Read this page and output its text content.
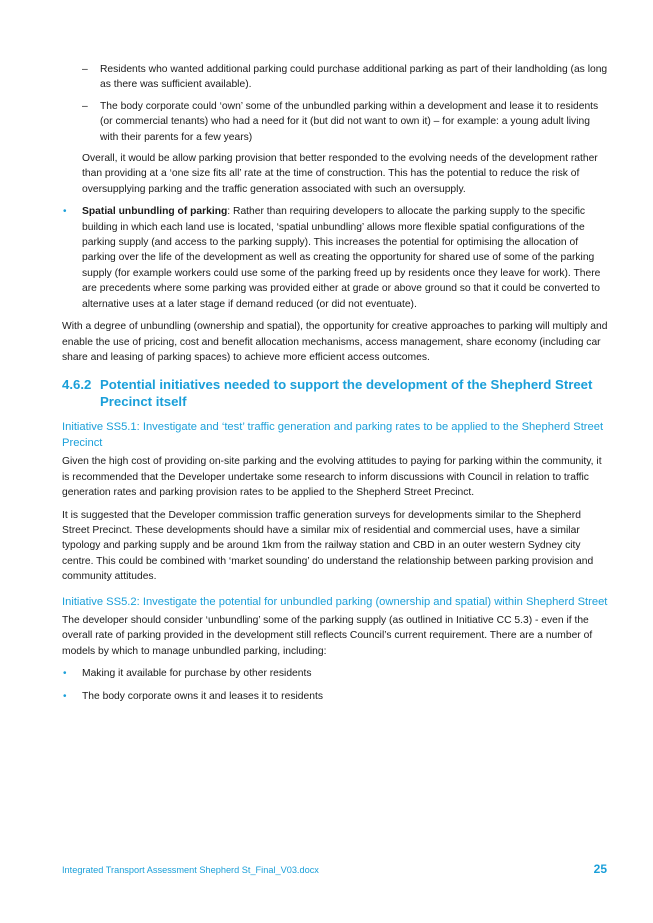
– Residents who wanted additional parking could purchase additional parking as part of their landholding (as long as there was sufficient available).
– The body corporate could ‘own’ some of the unbundled parking within a development and lease it to residents (or commercial tenants) who had a need for it (but did not want to own it) – for example: a young adult living with their parents for a few years)

Overall, it would be allow parking provision that better responded to the evolving needs of the development rather than providing at a ‘one size fits all’ rate at the time of construction. This has the potential to reduce the risk of oversupplying parking and the traffic generation associated with such an oversupply.

• Spatial unbundling of parking: Rather than requiring developers to allocate the parking supply to the specific building in which each land use is located, ‘spatial unbundling’ allows more flexible spatial configurations of the parking supply (and access to the parking supply). This increases the potential for optimising the allocation of parking over the life of the development as well as creating the opportunity for shared use of some of the parking supply (for example workers could use some of the parking freed up by residents once they leave for work). There are precedents where some parking was provided either at grade or above ground so that it could be converted to alternative uses at a later stage if demand reduced (or did not eventuate).

With a degree of unbundling (ownership and spatial), the opportunity for creative approaches to parking will multiply and enable the use of pricing, cost and benefit allocation mechanisms, access management, share economy (including car share and leasing of parking spaces) to achieve more efficient access outcomes.

4.6.2 Potential initiatives needed to support the development of the Shepherd Street Precinct itself
Initiative SS5.1: Investigate and ‘test’ traffic generation and parking rates to be applied to the Shepherd Street Precinct

Given the high cost of providing on-site parking and the evolving attitudes to paying for parking within the community, it is recommended that the Developer undertake some research to inform discussions with Council in relation to traffic generation rates and parking provision rates to be applied to the Shepherd Street Precinct.

It is suggested that the Developer commission traffic generation surveys for developments similar to the Shepherd Street Precinct. These developments should have a similar mix of residential and commercial uses, have a similar typology and parking supply and be around 1km from the railway station and CBD in an outer western Sydney city centre. This could be combined with ‘market sounding’ do understand the relationship between parking provision and community attitudes.

Initiative SS5.2: Investigate the potential for unbundled parking (ownership and spatial) within Shepherd Street

The developer should consider ‘unbundling’ some of the parking supply (as outlined in Initiative CC 5.3) - even if the overall rate of parking provided in the development still reflects Council’s current requirement. There are a number of models by which to manage unbundled parking, including:

• Making it available for purchase by other residents
• The body corporate owns it and leases it to residents
Integrated Transport Assessment Shepherd St_Final_V03.docx	25
